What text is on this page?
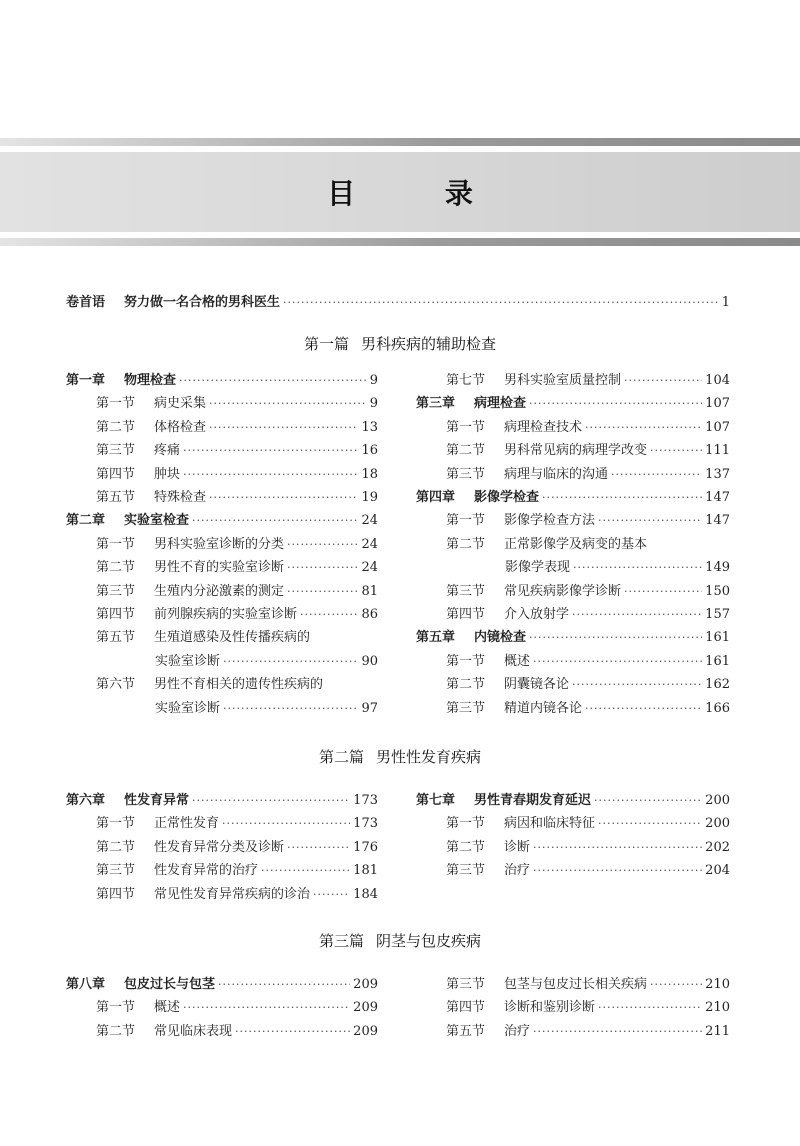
目 录
卷首语	努力做一名合格的男科医生 ·····	1
第一篇 男科疾病的辅助检查
第一章	物理检查 ·····	9
第一节	病史采集 ·····	9
第二节	体格检查 ·····	13
第三节	疼痛 ·····	16
第四节	肿块 ·····	18
第五节	特殊检查 ·····	19
第二章	实验室检查 ·····	24
第一节	男科实验室诊断的分类 ·····	24
第二节	男性不育的实验室诊断 ·····	24
第三节	生殖内分泌激素的测定 ·····	81
第四节	前列腺疾病的实验室诊断 ·····	86
第五节	生殖道感染及性传播疾病的
实验室诊断 ·····	90
第六节	男性不育相关的遗传性疾病的
实验室诊断 ·····	97
第七节	男科实验室质量控制 ·····	104
第三章	病理检查 ·····	107
第一节	病理检查技术 ·····	107
第二节	男科常见病的病理学改变 ·····	111
第三节	病理与临床的沟通 ·····	137
第四章	影像学检查 ·····	147
第一节	影像学检查方法 ·····	147
第二节	正常影像学及病变的基本
影像学表现 ·····	149
第三节	常见疾病影像学诊断 ·····	150
第四节	介入放射学 ·····	157
第五章	内镜检查 ·····	161
第一节	概述 ·····	161
第二节	阴囊镜各论 ·····	162
第三节	精道内镜各论 ·····	166
第二篇 男性性发育疾病
第六章	性发育异常 ·····	173
第一节	正常性发育 ·····	173
第二节	性发育异常分类及诊断 ·····	176
第三节	性发育异常的治疗 ·····	181
第四节	常见性发育异常疾病的诊治 ·····	184
第七章	男性青春期发育延迟 ·····	200
第一节	病因和临床特征 ·····	200
第二节	诊断 ·····	202
第三节	治疗 ·····	204
第三篇 阴茎与包皮疾病
第八章	包皮过长与包茎 ·····	209
第一节	概述 ·····	209
第二节	常见临床表现 ·····	209
第三节	包茎与包皮过长相关疾病 ·····	210
第四节	诊断和鉴别诊断 ·····	210
第五节	治疗 ·····	211
